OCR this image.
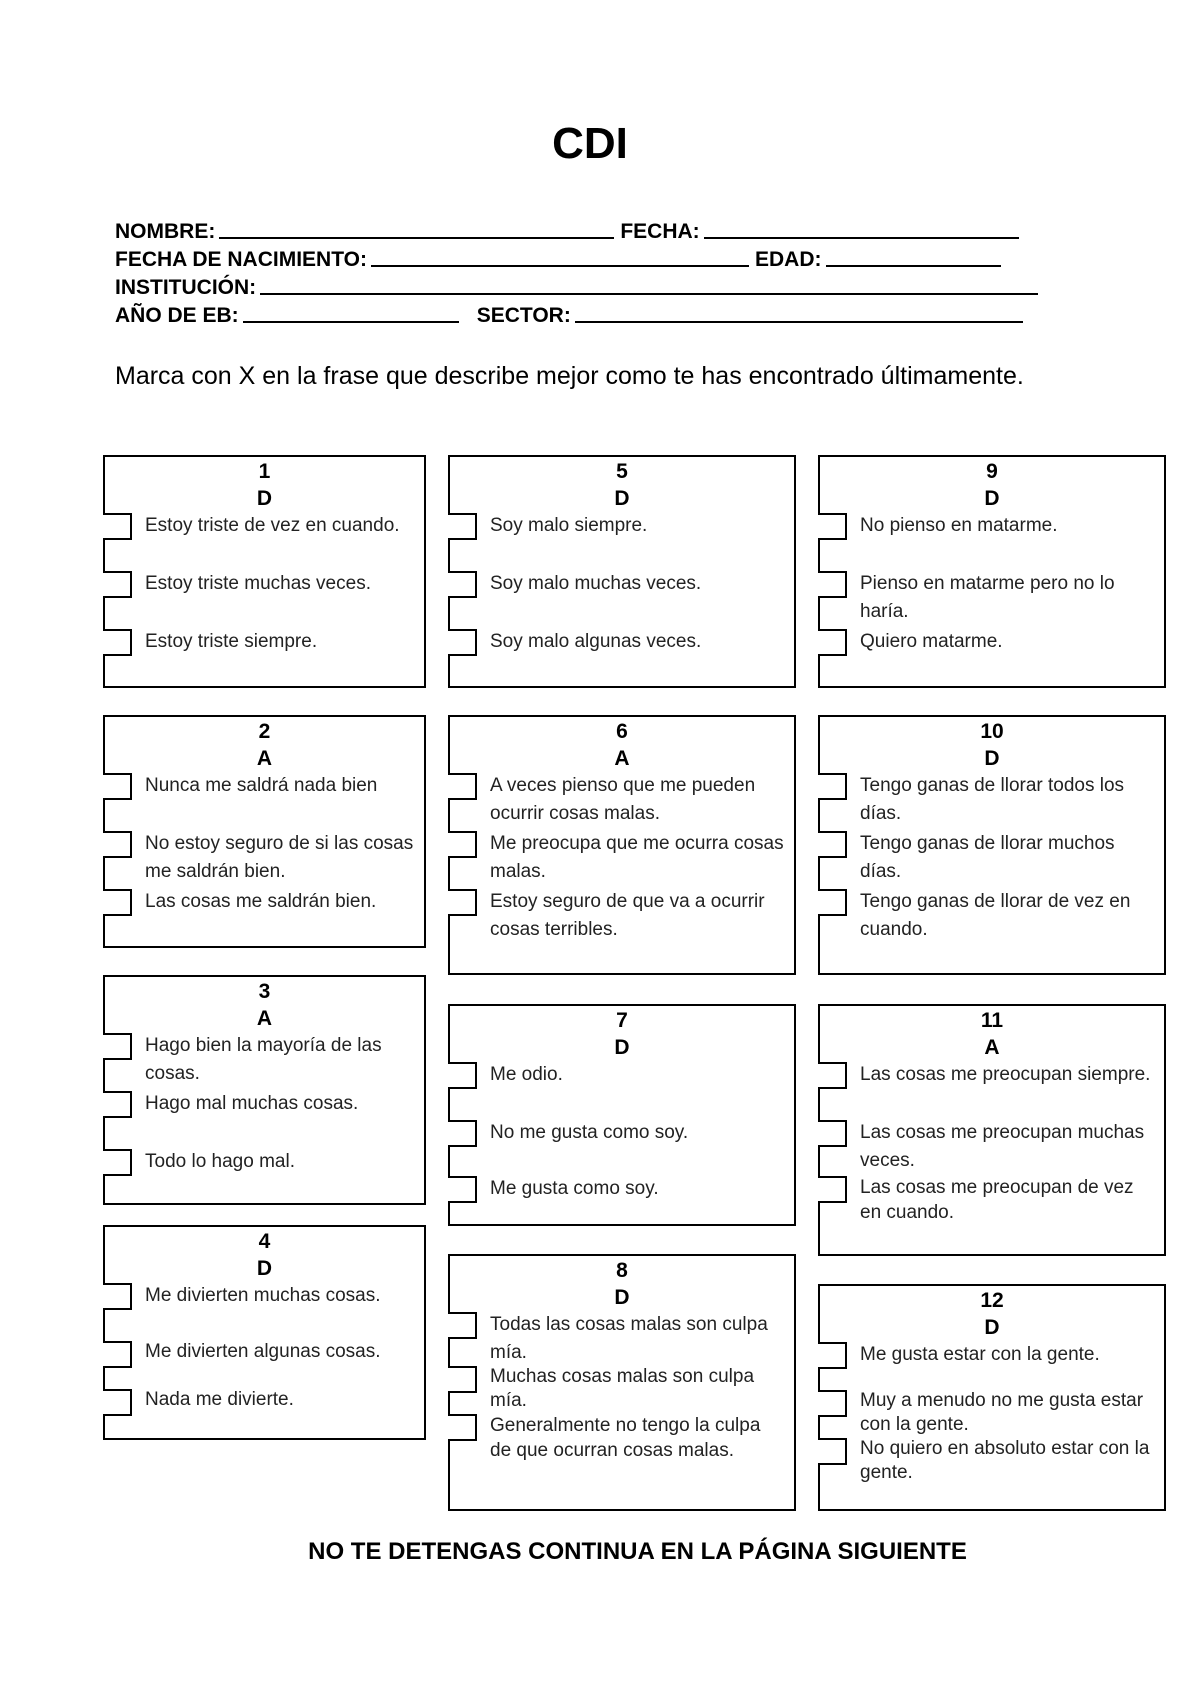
CDI
NOMBRE:	FECHA:
FECHA DE NACIMIENTO:	EDAD:
INSTITUCIÓN:
AÑO DE EB:	SECTOR:
Marca con X en la frase que describe mejor como te has encontrado últimamente.
1
D
Estoy triste de vez en cuando.
Estoy triste muchas veces.
Estoy triste siempre.
2
A
Nunca me saldrá nada bien
No estoy seguro de si las cosas me saldrán bien.
Las cosas me saldrán bien.
3
A
Hago bien la mayoría de las cosas.
Hago mal muchas cosas.
Todo lo hago mal.
4
D
Me divierten muchas cosas.
Me divierten algunas cosas.
Nada me divierte.
5
D
Soy malo siempre.
Soy malo muchas veces.
Soy malo algunas veces.
6
A
A veces pienso que me pueden ocurrir cosas malas.
Me preocupa que me ocurra cosas malas.
Estoy seguro de que va a ocurrir cosas terribles.
7
D
Me odio.
No me gusta como soy.
Me gusta como soy.
8
D
Todas las cosas malas son culpa mía.
Muchas cosas malas son culpa mía.
Generalmente no tengo la culpa de que ocurran cosas malas.
9
D
No pienso en matarme.
Pienso en matarme pero no lo haría.
Quiero matarme.
10
D
Tengo ganas de llorar todos los días.
Tengo ganas de llorar muchos días.
Tengo ganas de llorar de vez en cuando.
11
A
Las cosas me preocupan siempre.
Las cosas me preocupan muchas veces.
Las cosas me preocupan de vez en cuando.
12
D
Me gusta estar con la gente.
Muy a menudo no me gusta estar con la gente.
No quiero en absoluto estar con la gente.
NO TE DETENGAS CONTINUA EN LA PÁGINA SIGUIENTE
